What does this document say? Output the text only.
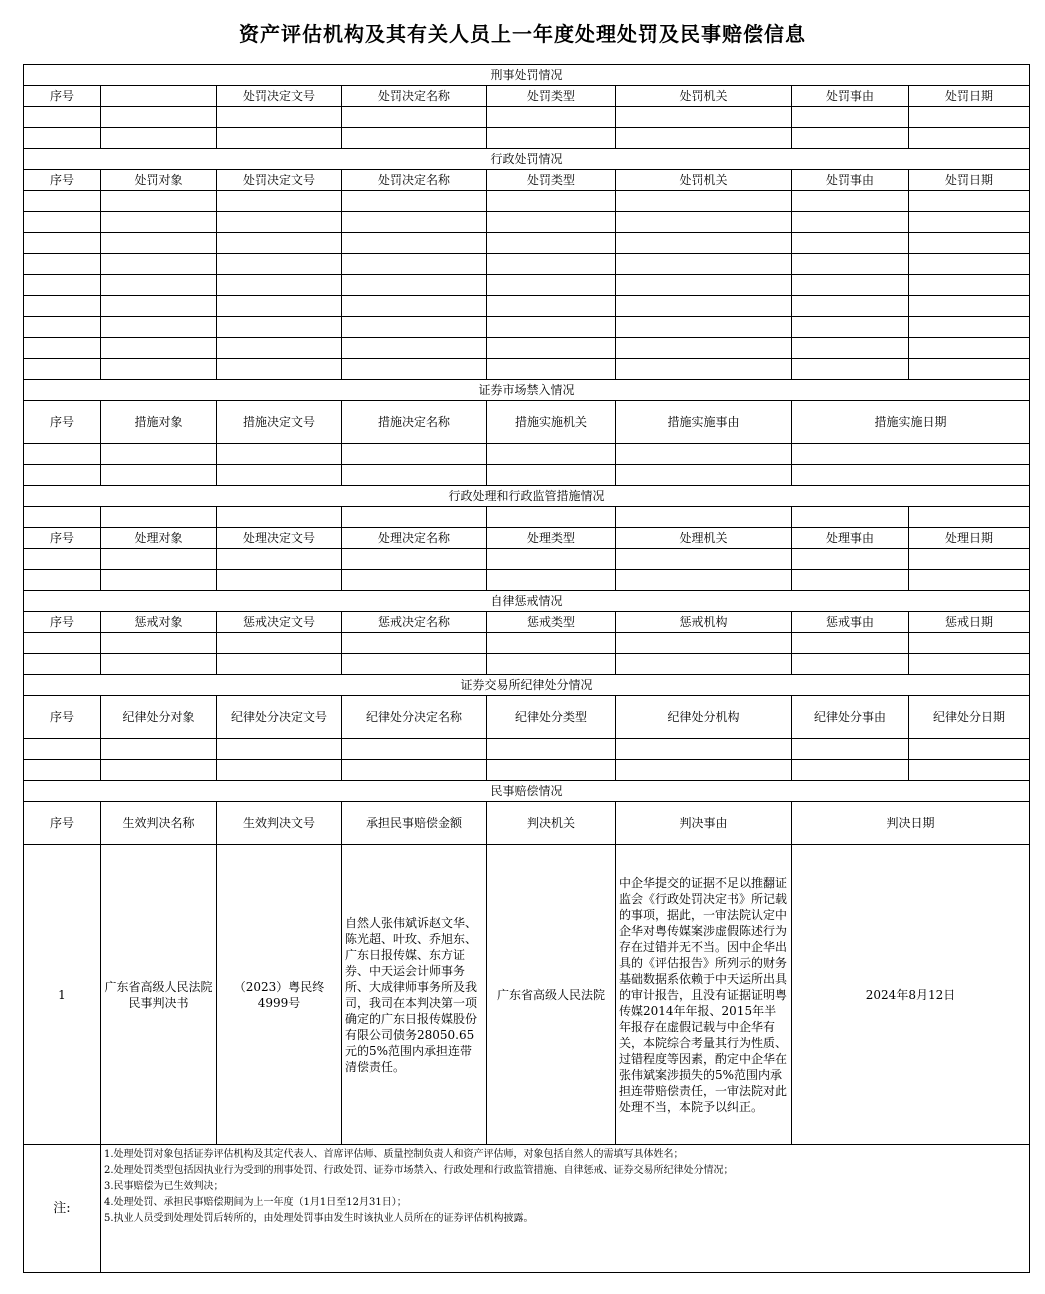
资产评估机构及其有关人员上一年度处理处罚及民事赔偿信息
刑事处罚情况							
序号		处罚决定文号	处罚决定名称	处罚类型	处罚机关	处罚事由	处罚日期

行政处罚情况							
序号	处罚对象	处罚决定文号	处罚决定名称	处罚类型	处罚机关	处罚事由	处罚日期

证券市场禁入情况							
序号	措施对象	措施决定文号	措施决定名称	措施实施机关	措施实施事由	措施实施日期	

行政处理和行政监管措施情况							

序号	处理对象	处理决定文号	处理决定名称	处理类型	处理机关	处理事由	处理日期

自律惩戒情况							
序号	惩戒对象	惩戒决定文号	惩戒决定名称	惩戒类型	惩戒机构	惩戒事由	惩戒日期

证券交易所纪律处分情况							
序号	纪律处分对象	纪律处分决定文号	纪律处分决定名称	纪律处分类型	纪律处分机构	纪律处分事由	纪律处分日期

民事赔偿情况							
序号	生效判决名称	生效判决文号	承担民事赔偿金额	判决机关	判决事由	判决日期	
1	广东省高级人民法院民事判决书	（2023）粤民终4999号	自然人张伟斌诉赵文华、陈光超、叶玫、乔旭东、广东日报传媒、东方证券、中天运会计师事务所、大成律师事务所及我司，我司在本判决第一项确定的广东日报传媒股份有限公司债务28050.65元的5%范围内承担连带清偿责任。	广东省高级人民法院	中企华提交的证据不足以推翻证监会《行政处罚决定书》所记载的事项，据此，一审法院认定中企华对粤传媒案涉虚假陈述行为存在过错并无不当。因中企华出具的《评估报告》所列示的财务基础数据系依赖于中天运所出具的审计报告，且没有证据证明粤传媒2014年年报、2015年半年报存在虚假记载与中企华有关，本院综合考量其行为性质、过错程度等因素，酌定中企华在张伟斌案涉损失的5%范围内承担连带赔偿责任，一审法院对此处理不当，本院予以纠正。	2024年8月12日	
注:	1.处理处罚对象包括证券评估机构及其定代表人、首席评估师、质量控制负责人和资产评估师，对象包括自然人的需填写具体姓名；
2.处理处罚类型包括因执业行为受到的刑事处罚、行政处罚、证券市场禁入、行政处理和行政监管措施、自律惩戒、证券交易所纪律处分情况；
3.民事赔偿为已生效判决；
4.处理处罚、承担民事赔偿期间为上一年度（1月1日至12月31日）；
5.执业人员受到处理处罚后转所的，由处理处罚事由发生时该执业人员所在的证券评估机构披露。						
